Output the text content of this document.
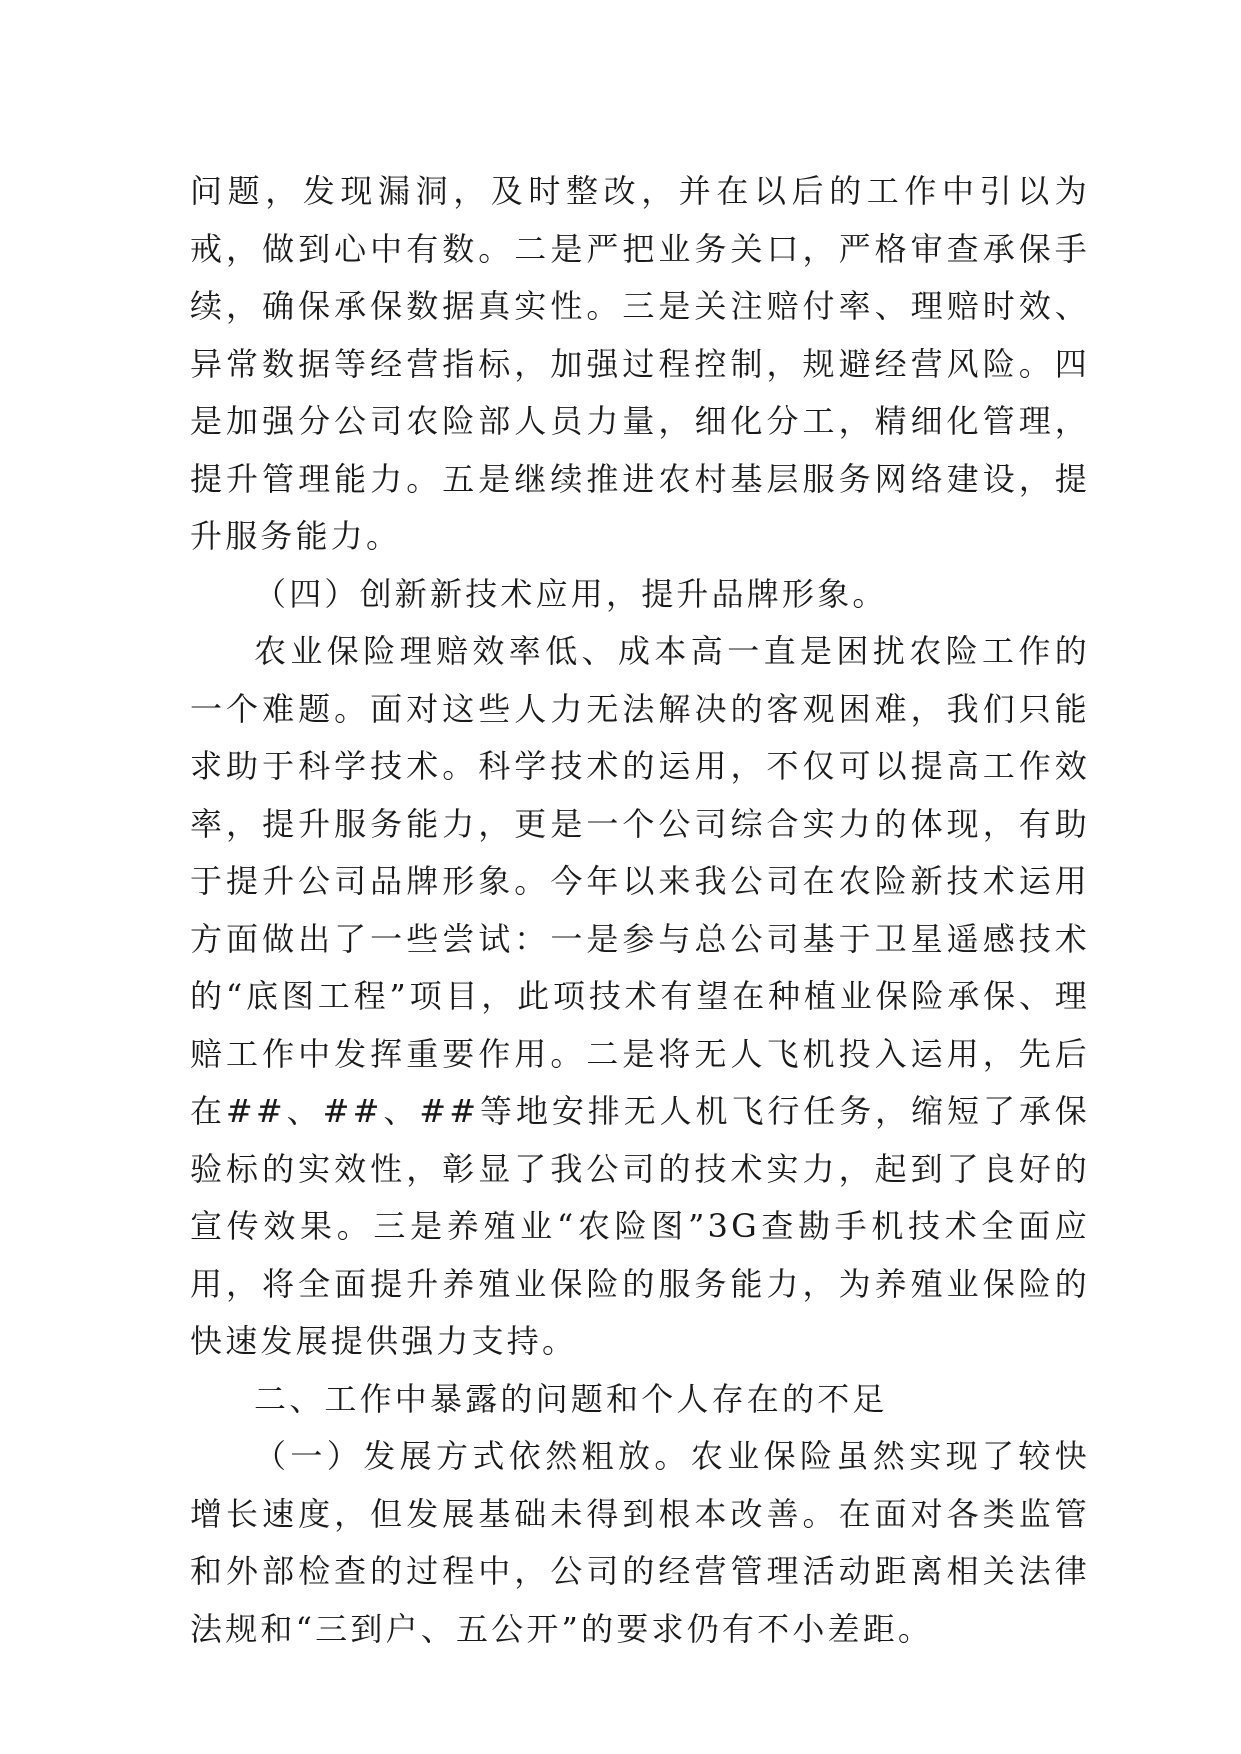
问题，发现漏洞，及时整改，并在以后的工作中引以为戒，做到心中有数。二是严把业务关口，严格审查承保手续，确保承保数据真实性。三是关注赔付率、理赔时效、异常数据等经营指标，加强过程控制，规避经营风险。四是加强分公司农险部人员力量，细化分工，精细化管理，提升管理能力。五是继续推进农村基层服务网络建设，提升服务能力。

（四）创新新技术应用，提升品牌形象。

农业保险理赔效率低、成本高一直是困扰农险工作的一个难题。面对这些人力无法解决的客观困难，我们只能求助于科学技术。科学技术的运用，不仅可以提高工作效率，提升服务能力，更是一个公司综合实力的体现，有助于提升公司品牌形象。今年以来我公司在农险新技术运用方面做出了一些尝试：一是参与总公司基于卫星遥感技术的“底图工程”项目，此项技术有望在种植业保险承保、理赔工作中发挥重要作用。二是将无人飞机投入运用，先后在##、##、##等地安排无人机飞行任务，缩短了承保验标的实效性，彰显了我公司的技术实力，起到了良好的宣传效果。三是养殖业“农险图”3G查勘手机技术全面应用，将全面提升养殖业保险的服务能力，为养殖业保险的快速发展提供强力支持。

二、工作中暴露的问题和个人存在的不足

（一）发展方式依然粗放。农业保险虽然实现了较快增长速度，但发展基础未得到根本改善。在面对各类监管和外部检查的过程中，公司的经营管理活动距离相关法律法规和“三到户、五公开”的要求仍有不小差距。
